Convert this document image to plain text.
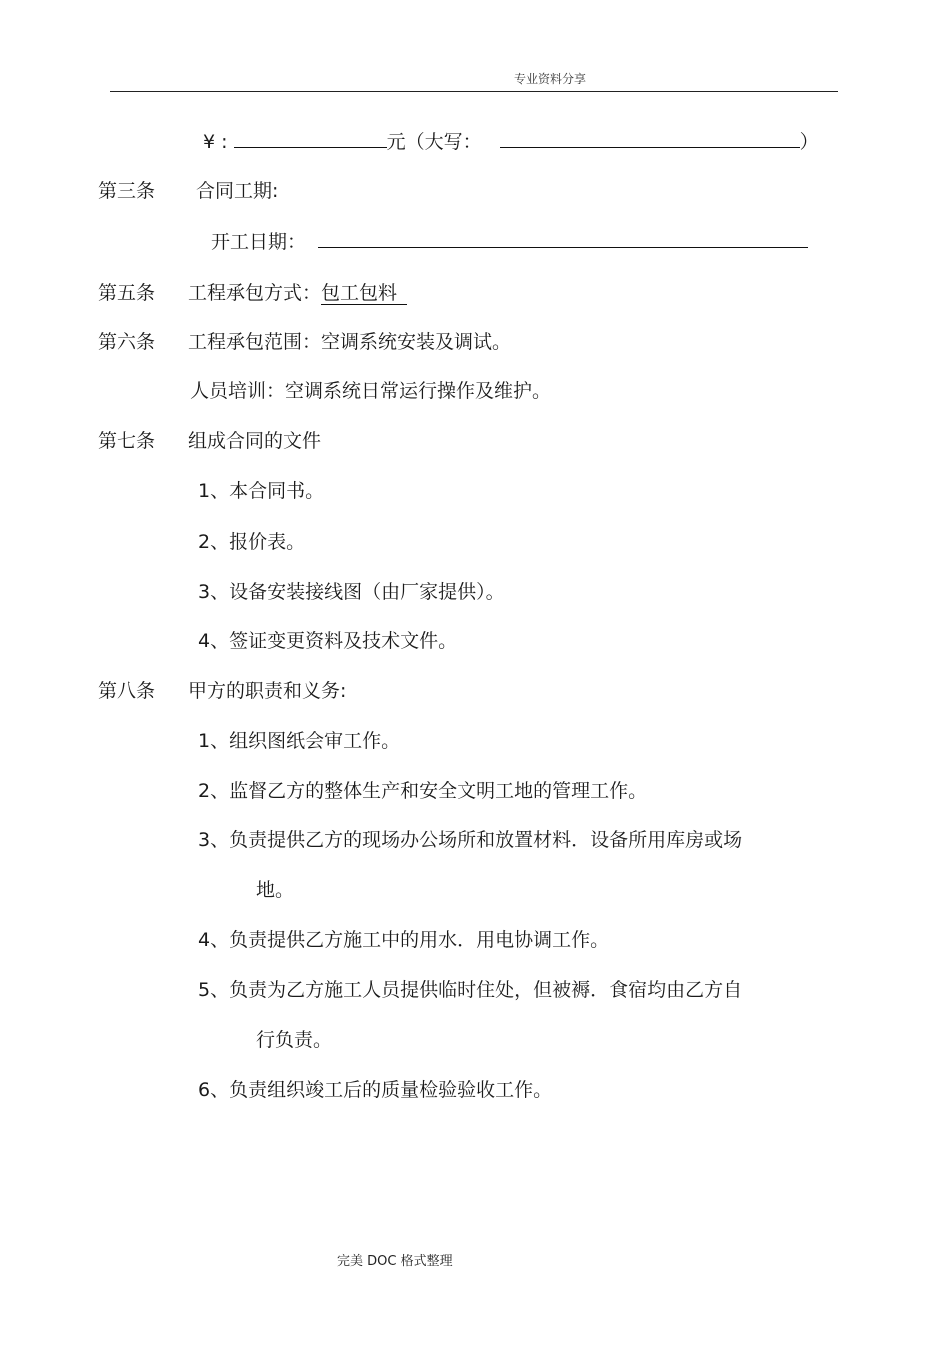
专业资料分享
¥ :	元（大写：	）
第三条 合同工期:
开工日期：
第五条 工程承包方式：包工包料
第六条 工程承包范围：空调系统安装及调试。
人员培训：空调系统日常运行操作及维护。
第七条 组成合同的文件
1、本合同书。
2、报价表。
3、设备安装接线图（由厂家提供）。
4、签证变更资料及技术文件。
第八条 甲方的职责和义务:
1、组织图纸会审工作。
2、监督乙方的整体生产和安全文明工地的管理工作。
3、负责提供乙方的现场办公场所和放置材料．设备所用库房或场
地。
4、负责提供乙方施工中的用水．用电协调工作。
5、负责为乙方施工人员提供临时住处，但被褥．食宿均由乙方自
行负责。
6、负责组织竣工后的质量检验验收工作。
完美 DOC 格式整理
